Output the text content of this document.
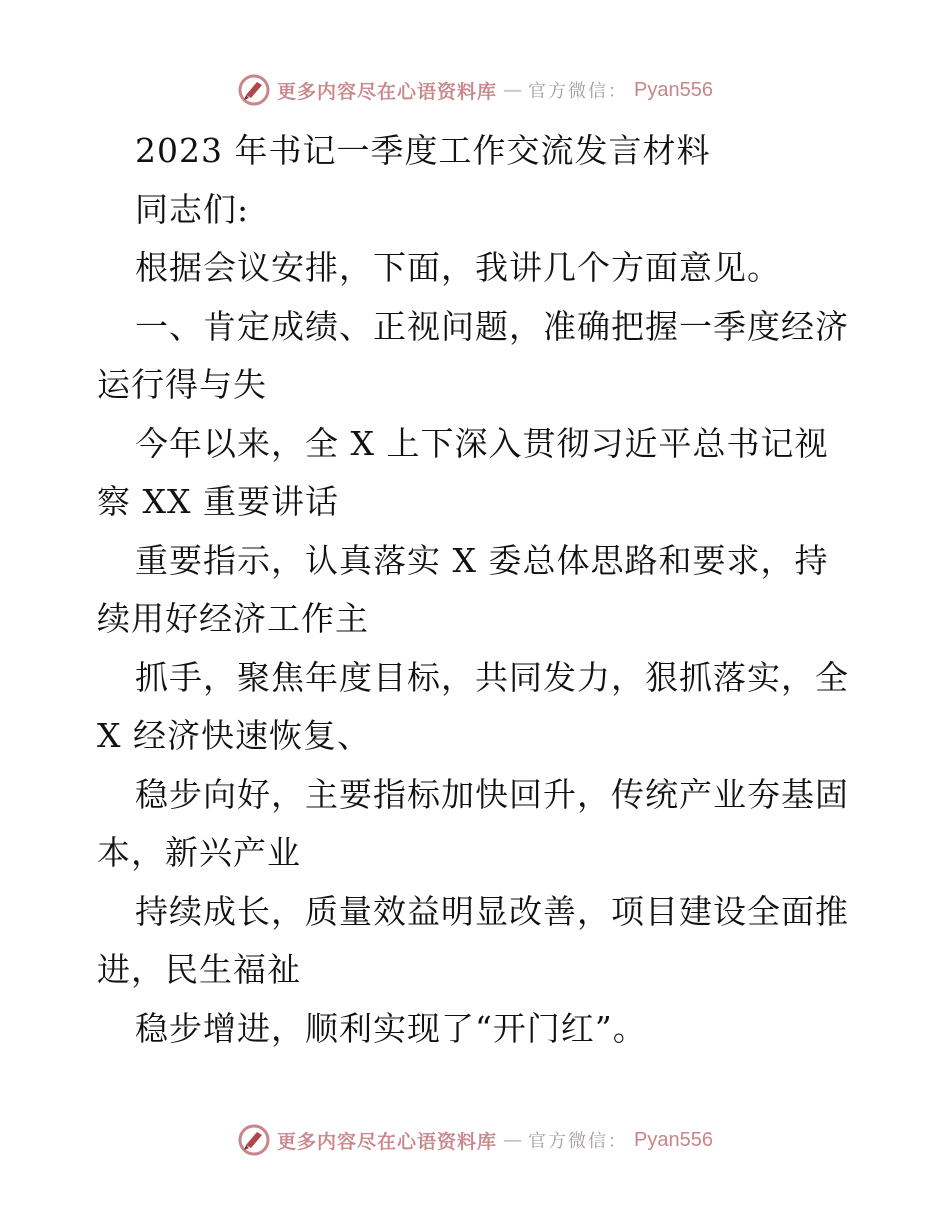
更多内容尽在心语资料库 — 官方微信： Pyan556
2023 年书记一季度工作交流发言材料
同志们:
根据会议安排，下面，我讲几个方面意见。
一、肯定成绩、正视问题，准确把握一季度经济
运行得与失
今年以来，全 X 上下深入贯彻习近平总书记视
察 XX 重要讲话
重要指示，认真落实 X 委总体思路和要求，持
续用好经济工作主
抓手，聚焦年度目标，共同发力，狠抓落实，全
X 经济快速恢复、
稳步向好，主要指标加快回升，传统产业夯基固
本，新兴产业
持续成长，质量效益明显改善，项目建设全面推
进，民生福祉
稳步增进，顺利实现了“开门红”。
更多内容尽在心语资料库 — 官方微信： Pyan556
